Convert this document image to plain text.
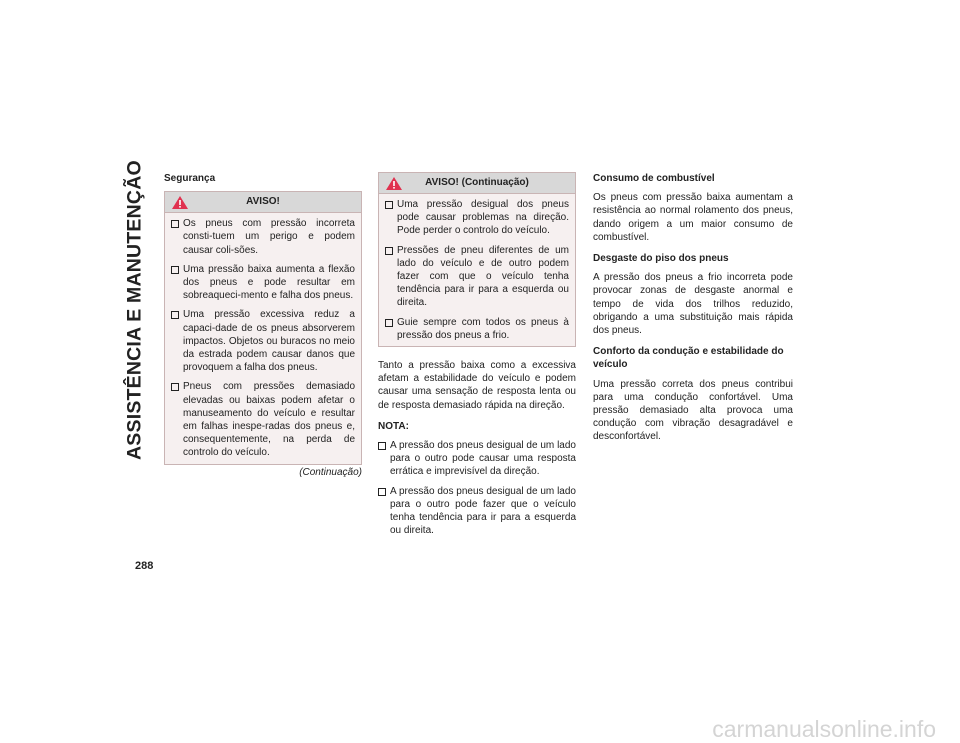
ASSISTÊNCIA E MANUTENÇÃO
288
Segurança
AVISO!
Os pneus com pressão incorreta consti-tuem um perigo e podem causar coli-sões.
Uma pressão baixa aumenta a flexão dos pneus e pode resultar em sobreaqueci-mento e falha dos pneus.
Uma pressão excessiva reduz a capaci-dade de os pneus absorverem impactos. Objetos ou buracos no meio da estrada podem causar danos que provoquem a falha dos pneus.
Pneus com pressões demasiado elevadas ou baixas podem afetar o manuseamento do veículo e resultar em falhas inespe-radas dos pneus e, consequentemente, na perda de controlo do veículo.
(Continuação)
AVISO! (Continuação)
Uma pressão desigual dos pneus pode causar problemas na direção. Pode perder o controlo do veículo.
Pressões de pneu diferentes de um lado do veículo e de outro podem fazer com que o veículo tenha tendência para ir para a esquerda ou direita.
Guie sempre com todos os pneus à pressão dos pneus a frio.

Tanto a pressão baixa como a excessiva afetam a estabilidade do veículo e podem causar uma sensação de resposta lenta ou de resposta demasiado rápida na direção.

NOTA:
A pressão dos pneus desigual de um lado para o outro pode causar uma resposta errática e imprevisível da direção.
A pressão dos pneus desigual de um lado para o outro pode fazer que o veículo tenha tendência para ir para a esquerda ou direita.
Consumo de combustível

Os pneus com pressão baixa aumentam a resistência ao normal rolamento dos pneus, dando origem a um maior consumo de combustível.

Desgaste do piso dos pneus

A pressão dos pneus a frio incorreta pode provocar zonas de desgaste anormal e tempo de vida dos trilhos reduzido, obrigando a uma substituição mais rápida dos pneus.

Conforto da condução e estabilidade do veículo

Uma pressão correta dos pneus contribui para uma condução confortável. Uma pressão demasiado alta provoca uma condução com vibração desagradável e desconfortável.

carmanualsonline.info
